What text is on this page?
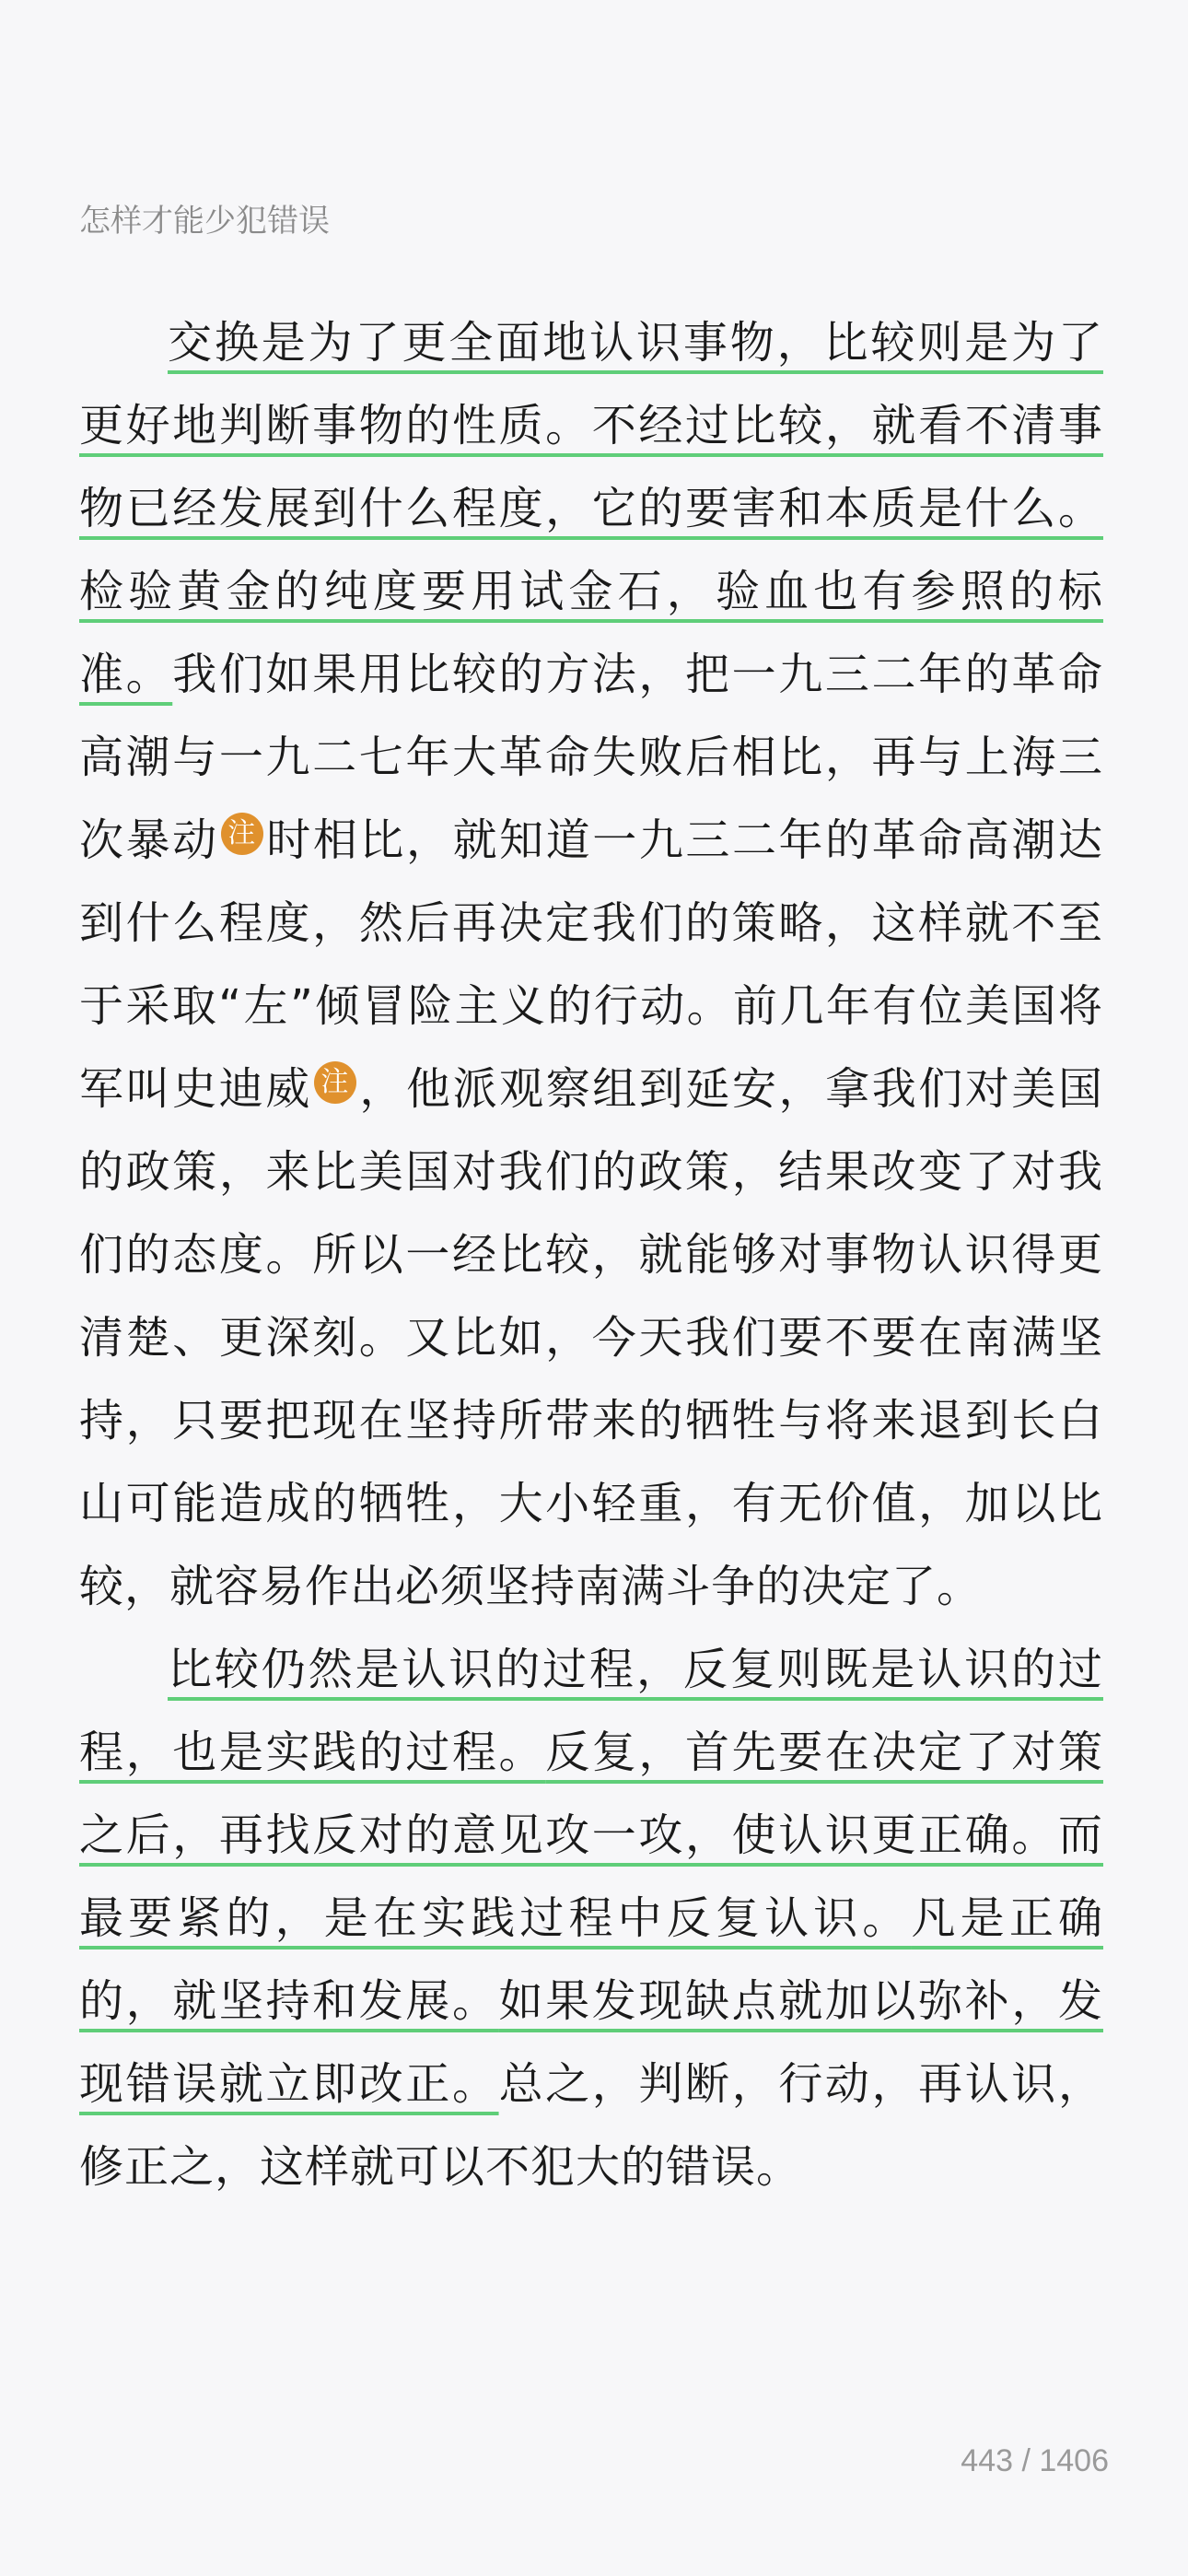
怎样才能少犯错误

交换是为了更全面地认识事物，比较则是为了更好地判断事物的性质。不经过比较，就看不清事物已经发展到什么程度，它的要害和本质是什么。检验黄金的纯度要用试金石，验血也有参照的标准。我们如果用比较的方法，把一九三二年的革命高潮与一九二七年大革命失败后相比，再与上海三次暴动 注 时相比，就知道一九三二年的革命高潮达到什么程度，然后再决定我们的策略，这样就不至于采取“左”倾冒险主义的行动。前几年有位美国将军叫史迪威 注 ，他派观察组到延安，拿我们对美国的政策，来比美国对我们的政策，结果改变了对我们的态度。所以一经比较，就能够对事物认识得更清楚、更深刻。又比如，今天我们要不要在南满坚持，只要把现在坚持所带来的牺牲与将来退到长白山可能造成的牺牲，大小轻重，有无价值，加以比较，就容易作出必须坚持南满斗争的决定了。

比较仍然是认识的过程，反复则既是认识的过程，也是实践的过程。反复，首先要在决定了对策之后，再找反对的意见攻一攻，使认识更正确。而最要紧的，是在实践过程中反复认识。凡是正确的，就坚持和发展。如果发现缺点就加以弥补，发现错误就立即改正。总之，判断，行动，再认识，修正之，这样就可以不犯大的错误。

443 / 1406
